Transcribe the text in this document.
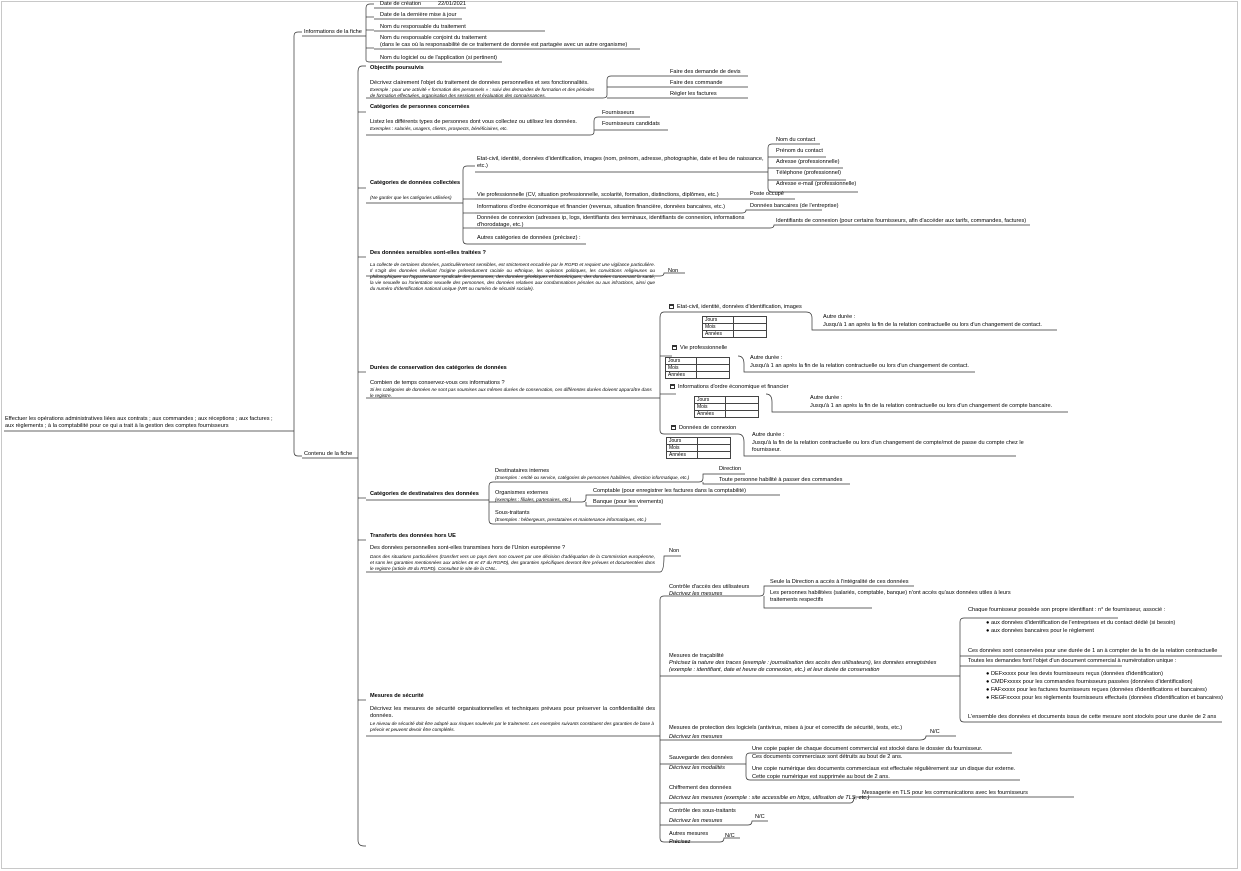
Effectuer les opérations administratives liées aux contrats ; aux commandes ; aux réceptions ; aux factures ;
aux règlements ; à la comptabilité pour ce qui a trait à la gestion des comptes fournisseurs
Informations de la fiche
Date de création	22/01/2021
Date de la dernière mise à jour
Nom du responsable du traitement
Nom du responsable conjoint du traitement
(dans le cas où la responsabilité de ce traitement de donnée est partagée avec un autre organisme)
Nom du logiciel ou de l'application (si pertinent)
Contenu de la fiche
Objectifs poursuivis
Décrivez clairement l'objet du traitement de données personnelles et ses fonctionnalités.
Exemple : pour une activité « formation des personnels » : suivi des demandes de formation et des périodes de formation effectuées, organisation des sessions et évaluation des connaissances.
Faire des demande de devis
Faire des commande
Régler les factures
Catégories de personnes concernées
Listez les différents types de personnes dont vous collectez ou utilisez les données.
Exemples : salariés, usagers, clients, prospects, bénéficiaires, etc.
Fournisseurs
Fournisseurs candidats
Catégories de données collectées
(Ne garder que les catégories utilisées)
Etat-civil, identité, données d'identification, images (nom, prénom, adresse, photographie, date et lieu de naissance, etc.)
Nom du contact
Prénom du contact
Adresse (professionnelle)
Téléphone (professionnel)
Adresse e-mail (professionnelle)
Vie professionnelle (CV, situation professionnelle, scolarité, formation, distinctions, diplômes, etc.)	Poste occupé
Informations d'ordre économique et financier (revenus, situation financière, données bancaires, etc.)	Données bancaires (de l'entreprise)
Données de connexion (adresses ip, logs, identifiants des terminaux, identifiants de connexion, informations d'horodatage, etc.)
Identifiants de connexion (pour certains fournisseurs, afin d'accéder aux tarifs, commandes, factures)
Autres catégories de données (précisez) :
Des données sensibles sont-elles traitées ?
La collecte de certaines données, particulièrement sensibles, est strictement encadrée par le RGPD et requiert une vigilance particulière. Il s'agit des données révélant l'origine prétendument raciale ou ethnique, les opinions politiques, les convictions religieuses ou philosophiques ou l'appartenance syndicale des personnes, des données génétiques et biométriques, des données concernant la santé, la vie sexuelle ou l'orientation sexuelle des personnes, des données relatives aux condamnations pénales ou aux infractions, ainsi que du numéro d'identification national unique (NIR ou numéro de sécurité sociale).
Non
Durées de conservation des catégories de données
Combien de temps conservez-vous ces informations ?
Si les catégories de données ne sont pas soumises aux mêmes durées de conservation, ces différentes durées doivent apparaître dans le registre.
Etat-civil, identité, données d'identification, images
Jours	
Mois	
Années	
Autre durée :
Jusqu'à 1 an après la fin de la relation contractuelle ou lors d'un changement de contact.
Vie professionnelle
Jours	
Mois	
Années	
Autre durée :
Jusqu'à 1 an après la fin de la relation contractuelle ou lors d'un changement de contact.
Informations d'ordre économique et financier
Jours	
Mois	
Années	
Autre durée :
Jusqu'à 1 an après la fin de la relation contractuelle ou lors d'un changement de compte bancaire.
Données de connexion
Jours	
Mois	
Années	
Autre durée :
Jusqu'à la fin de la relation contractuelle ou lors d'un changement de compte/mot de passe du compte chez le fournisseur.
Catégories de destinataires des données
Destinataires internes
(Exemples : entité ou service, catégories de personnes habilitées, direction informatique, etc.)
Direction
Toute personne habilité à passer des commandes
Organismes externes
(exemples : filiales, partenaires, etc.)
Comptable (pour enregistrer les factures dans la comptabilité)
Banque (pour les virements)
Sous-traitants
(Exemples : hébergeurs, prestataires et maintenance informatiques, etc.)
Transferts des données hors UE
Des données personnelles sont-elles transmises hors de l'Union européenne ?
Dans des situations particulières (transfert vers un pays tiers non couvert par une décision d'adéquation de la Commission européenne, et sans les garanties mentionnées aux articles 46 et 47 du RGPD), des garanties spécifiques devront être prévues et documentées dans le registre (article 49 du RGPD). Consultez le site de la CNIL.
Non
Mesures de sécurité
Décrivez les mesures de sécurité organisationnelles et techniques prévues pour préserver la confidentialité des données.
Le niveau de sécurité doit être adapté aux risques soulevés par le traitement. Les exemples suivants constituent des garanties de base à prévoir et peuvent devoir être complétés.
Contrôle d'accès des utilisateurs
Décrivez les mesures
Seule la Direction a accès à l'intégralité de ces données
Les personnes habilitées (salariés, comptable, banque) n'ont accès qu'aux données utiles à leurs traitements respectifs
Mesures de traçabilité
Précisez la nature des traces (exemple : journalisation des accès des utilisateurs), les données enregistrées (exemple : identifiant, date et heure de connexion, etc.) et leur durée de conservation
Chaque fournisseur possède son propre identifiant : n° de fournisseur, associé :
● aux données d'identification de l'entreprises et du contact dédié (si besoin)
● aux données bancaires pour le règlement
Ces données sont conservées pour une durée de 1 an à compter de la fin de la relation contractuelle
Toutes les demandes font l'objet d'un document commercial à numérotation unique :
● DEFxxxxx pour les devis fournisseurs reçus (données d'identification)
● CMDFxxxxx pour les commandes fournisseurs passées (données d'identification)
● FAFxxxxx pour les factures fournisseurs reçues (données d'identifications et bancaires)
● REGFxxxxx pour les règlements fournisseurs effectués (données d'identification et bancaires)
L'ensemble des données et documents issus de cette mesure sont stockés pour une durée de 2 ans
Mesures de protection des logiciels (antivirus, mises à jour et correctifs de sécurité, tests, etc.)
Décrivez les mesures
N/C
Sauvegarde des données
Décrivez les modalités
Une copie papier de chaque document commercial est stocké dans le dossier du fournisseur.
Ces documents commerciaux sont détruits au bout de 2 ans.
Une copie numérique des documents commerciaux est effectuée régulièrement sur un disque dur externe.
Cette copie numérique est supprimée au bout de 2 ans.
Chiffrement des données
Décrivez les mesures (exemple : site accessible en https, utilisation de TLS, etc.)
Messagerie en TLS pour les communications avec les fournisseurs
Contrôle des sous-traitants
Décrivez les mesures
N/C
Autres mesures
Précisez
N/C
